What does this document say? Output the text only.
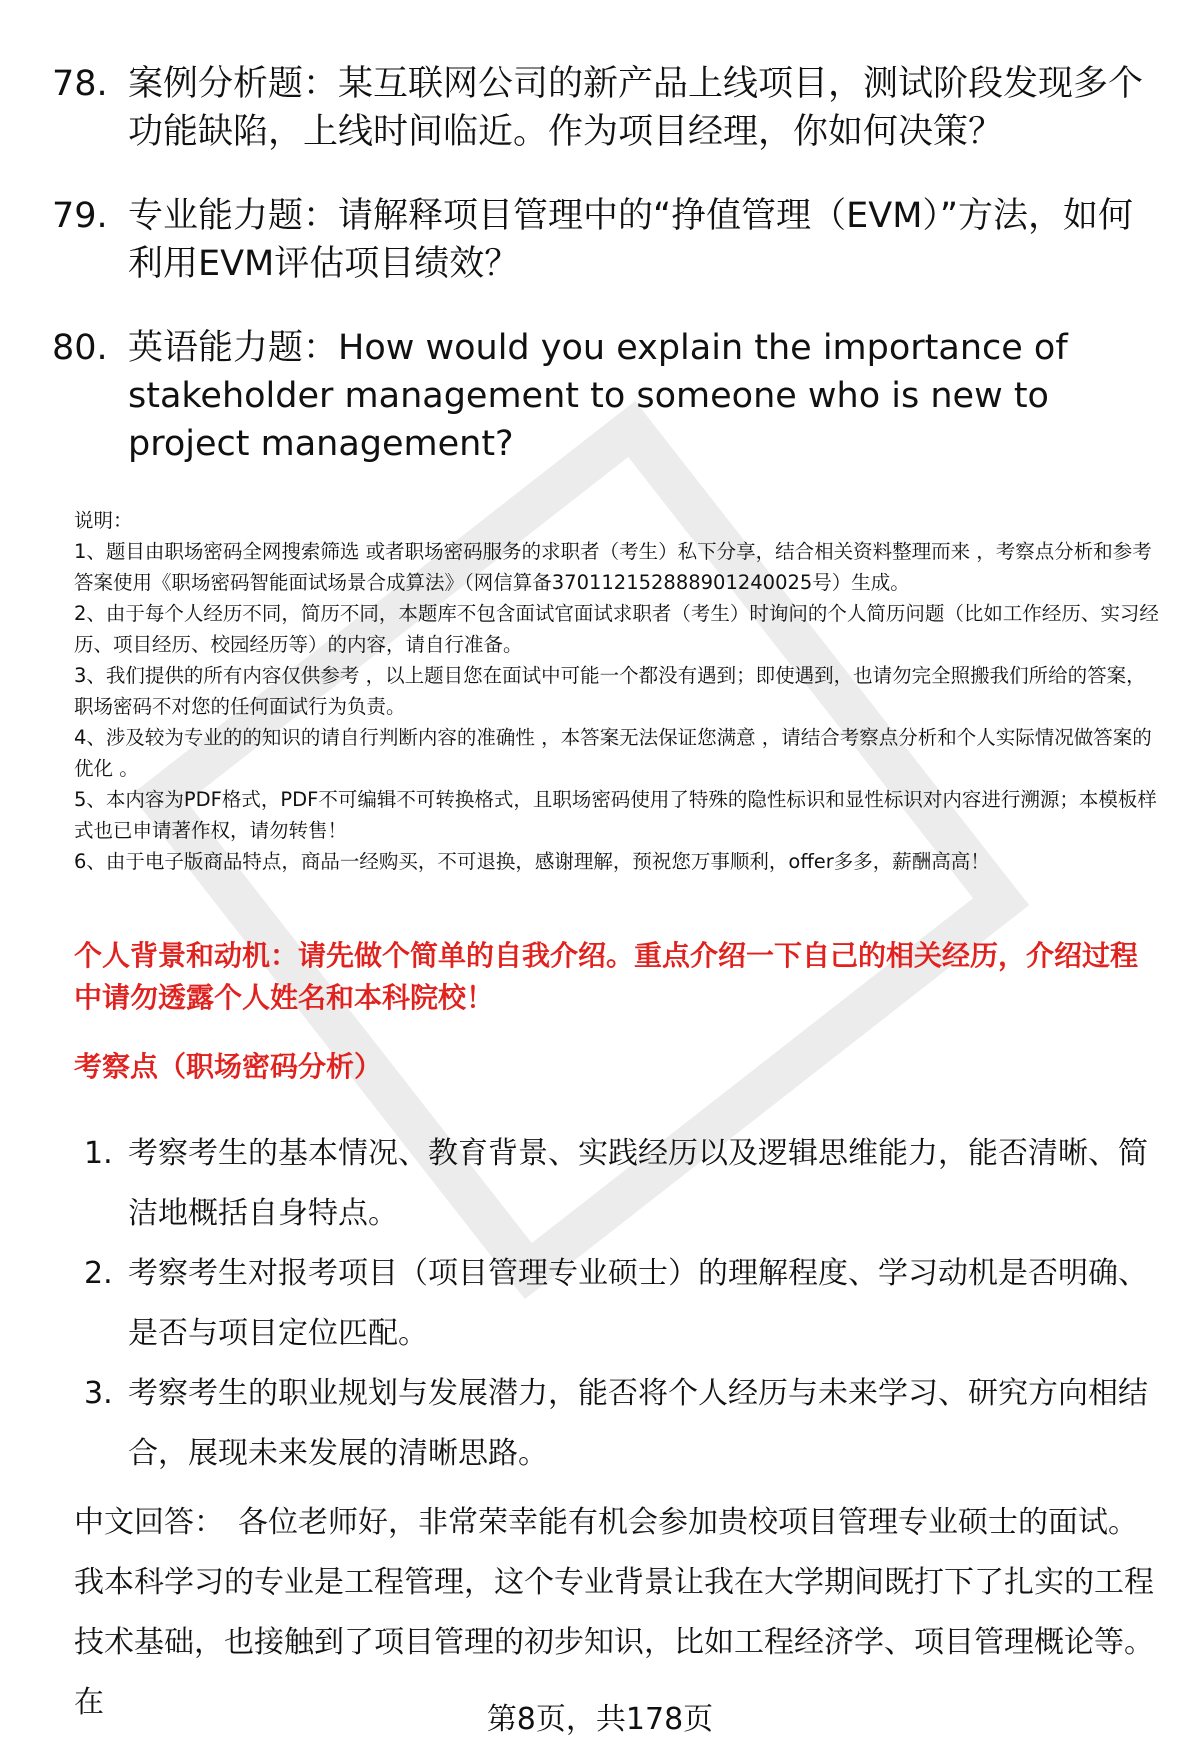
78. 案例分析题：某互联网公司的新产品上线项目，测试阶段发现多个功能缺陷，上线时间临近。作为项目经理，你如何决策？
79. 专业能力题：请解释项目管理中的“挣值管理（EVM）”方法，如何利用EVM评估项目绩效？
80. 英语能力题：How would you explain the importance of stakeholder management to someone who is new to project management?

说明：

1、题目由职场密码全网搜索筛选 或者职场密码服务的求职者（考生）私下分享，结合相关资料整理而来 ，考察点分析和参考答案使用《职场密码智能面试场景合成算法》（网信算备370112152888901240025号）生成。

2、由于每个人经历不同，简历不同，本题库不包含面试官面试求职者（考生）时询问的个人简历问题（比如工作经历、实习经历、项目经历、校园经历等）的内容，请自行准备。

3、我们提供的所有内容仅供参考 ，以上题目您在面试中可能一个都没有遇到；即使遇到，也请勿完全照搬我们所给的答案，职场密码不对您的任何面试行为负责。

4、涉及较为专业的的知识的请自行判断内容的准确性 ，本答案无法保证您满意 ，请结合考察点分析和个人实际情况做答案的优化 。

5、本内容为PDF格式，PDF不可编辑不可转换格式，且职场密码使用了特殊的隐性标识和显性标识对内容进行溯源；本模板样式也已申请著作权，请勿转售！

6、由于电子版商品特点，商品一经购买，不可退换，感谢理解，预祝您万事顺利，offer多多，薪酬高高！

个人背景和动机：请先做个简单的自我介绍。重点介绍一下自己的相关经历，介绍过程中请勿透露个人姓名和本科院校！
考察点（职场密码分析）
1. 考察考生的基本情况、教育背景、实践经历以及逻辑思维能力，能否清晰、简洁地概括自身特点。
2. 考察考生对报考项目（项目管理专业硕士）的理解程度、学习动机是否明确、是否与项目定位匹配。
3. 考察考生的职业规划与发展潜力，能否将个人经历与未来学习、研究方向相结合，展现未来发展的清晰思路。
中文回答： 各位老师好，非常荣幸能有机会参加贵校项目管理专业硕士的面试。我本科学习的专业是工程管理，这个专业背景让我在大学期间既打下了扎实的工程技术基础，也接触到了项目管理的初步知识，比如工程经济学、项目管理概论等。在	第8页，共178页
